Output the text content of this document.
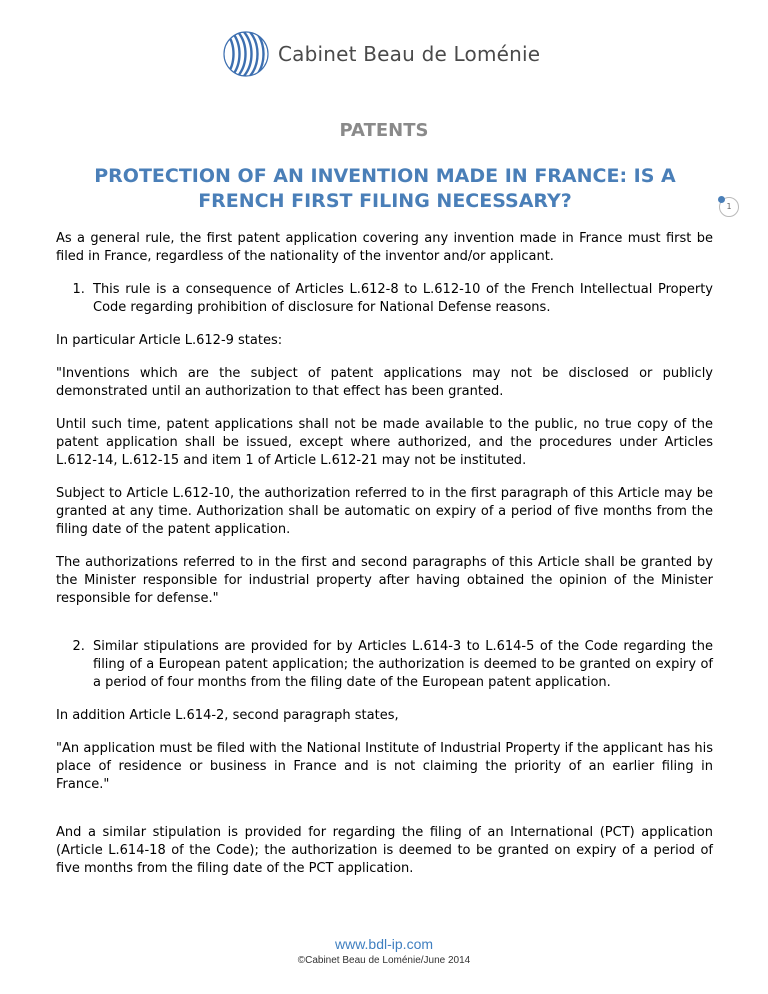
Cabinet Beau de Loménie
PATENTS
PROTECTION OF AN INVENTION MADE IN FRANCE: IS A FRENCH FIRST FILING NECESSARY?	1

As a general rule, the first patent application covering any invention made in France must first be filed in France, regardless of the nationality of the inventor and/or applicant.

1. This rule is a consequence of Articles L.612-8 to L.612-10 of the French Intellectual Property Code regarding prohibition of disclosure for National Defense reasons.

In particular Article L.612-9 states:

"Inventions which are the subject of patent applications may not be disclosed or publicly demonstrated until an authorization to that effect has been granted.

Until such time, patent applications shall not be made available to the public, no true copy of the patent application shall be issued, except where authorized, and the procedures under Articles L.612-14, L.612-15 and item 1 of Article L.612-21 may not be instituted.

Subject to Article L.612-10, the authorization referred to in the first paragraph of this Article may be granted at any time. Authorization shall be automatic on expiry of a period of five months from the filing date of the patent application.

The authorizations referred to in the first and second paragraphs of this Article shall be granted by the Minister responsible for industrial property after having obtained the opinion of the Minister responsible for defense."

2. Similar stipulations are provided for by Articles L.614-3 to L.614-5 of the Code regarding the filing of a European patent application; the authorization is deemed to be granted on expiry of a period of four months from the filing date of the European patent application.

In addition Article L.614-2, second paragraph states,

"An application must be filed with the National Institute of Industrial Property if the applicant has his place of residence or business in France and is not claiming the priority of an earlier filing in France."

And a similar stipulation is provided for regarding the filing of an International (PCT) application (Article L.614-18 of the Code); the authorization is deemed to be granted on expiry of a period of five months from the filing date of the PCT application.

www.bdl-ip.com
©Cabinet Beau de Loménie/June 2014
